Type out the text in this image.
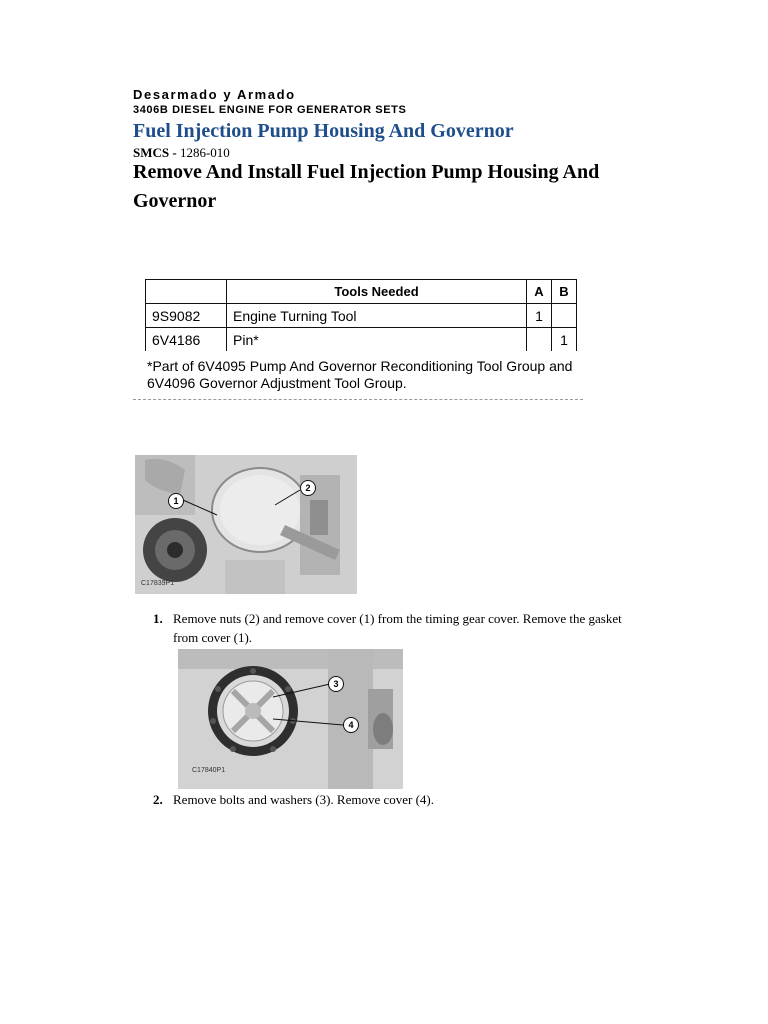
Desarmado y Armado
3406B DIESEL ENGINE FOR GENERATOR SETS
Fuel Injection Pump Housing And Governor
SMCS - 1286-010
Remove And Install Fuel Injection Pump Housing And Governor
	Tools Needed	A	B
9S9082	Engine Turning Tool	1	
6V4186	Pin*		1
*Part of 6V4095 Pump And Governor Reconditioning Tool Group and 6V4096 Governor Adjustment Tool Group.
1
2
C17839P1
1. Remove nuts (2) and remove cover (1) from the timing gear cover. Remove the gasket from cover (1).
3
4
C17840P1
2. Remove bolts and washers (3). Remove cover (4).
